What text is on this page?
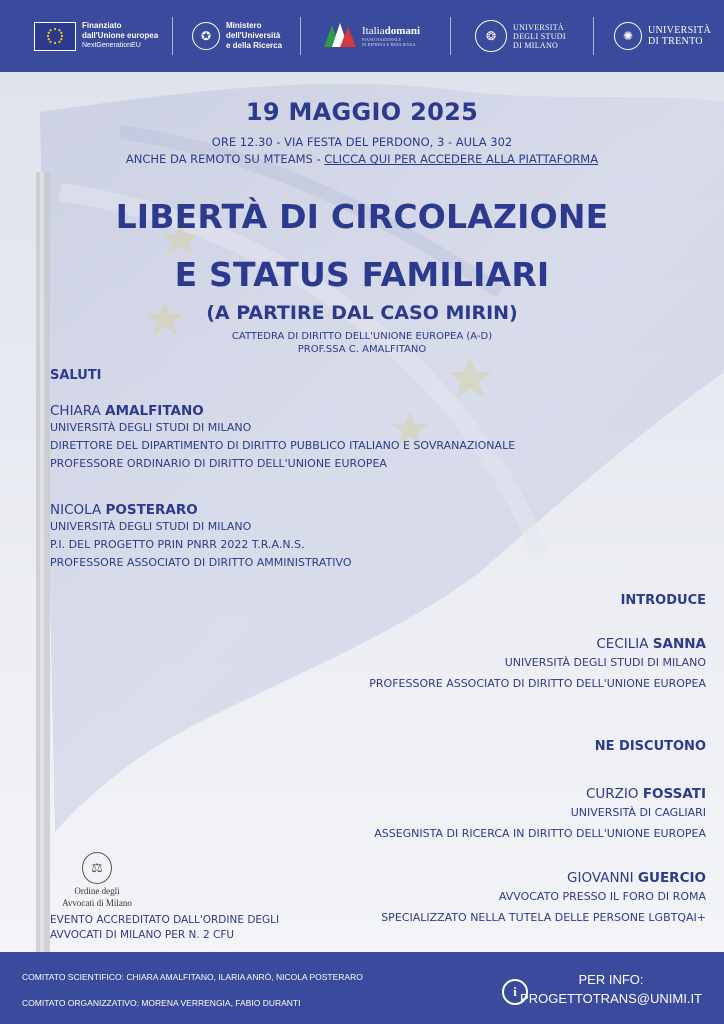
Finanziato
dall'Unione europea
NextGenerationEU
✪
Ministero
dell'Università
e della Ricerca
Italiadomani
PIANO NAZIONALE
DI RIPRESA E RESILIENZA
❂
UNIVERSITÀ
DEGLI STUDI
DI MILANO
✺	UNIVERSITÀ
DI TRENTO
19 MAGGIO 2025
ORE 12.30 - VIA FESTA DEL PERDONO, 3 - AULA 302
ANCHE DA REMOTO SU MTEAMS - CLICCA QUI PER ACCEDERE ALLA PIATTAFORMA
LIBERTÀ DI CIRCOLAZIONE
E STATUS FAMILIARI
(A PARTIRE DAL CASO MIRIN)
CATTEDRA DI DIRITTO DELL'UNIONE EUROPEA (A-D)
PROF.SSA C. AMALFITANO
SALUTI
CHIARA AMALFITANO
UNIVERSITÀ DEGLI STUDI DI MILANO
DIRETTORE DEL DIPARTIMENTO DI DIRITTO PUBBLICO ITALIANO E SOVRANAZIONALE
PROFESSORE ORDINARIO DI DIRITTO DELL'UNIONE EUROPEA
NICOLA POSTERARO
UNIVERSITÀ DEGLI STUDI DI MILANO
P.I. DEL PROGETTO PRIN PNRR 2022 T.R.A.N.S.
PROFESSORE ASSOCIATO DI DIRITTO AMMINISTRATIVO
INTRODUCE
CECILIA SANNA
UNIVERSITÀ DEGLI STUDI DI MILANO
PROFESSORE ASSOCIATO DI DIRITTO DELL'UNIONE EUROPEA
NE DISCUTONO
CURZIO FOSSATI
UNIVERSITÀ DI CAGLIARI
ASSEGNISTA DI RICERCA IN DIRITTO DELL'UNIONE EUROPEA
GIOVANNI GUERCIO
AVVOCATO PRESSO IL FORO DI ROMA
SPECIALIZZATO NELLA TUTELA DELLE PERSONE LGBTQAI+
⚖
Ordine degli
Avvocati di Milano
EVENTO ACCREDITATO DALL'ORDINE DEGLI
AVVOCATI DI MILANO PER N. 2 CFU
COMITATO SCIENTIFICO: CHIARA AMALFITANO, ILARIA ANRÒ, NICOLA POSTERARO
COMITATO ORGANIZZATIVO: MORENA VERRENGIA, FABIO DURANTI
i
PER INFO:
PROGETTOTRANS@UNIMI.IT
